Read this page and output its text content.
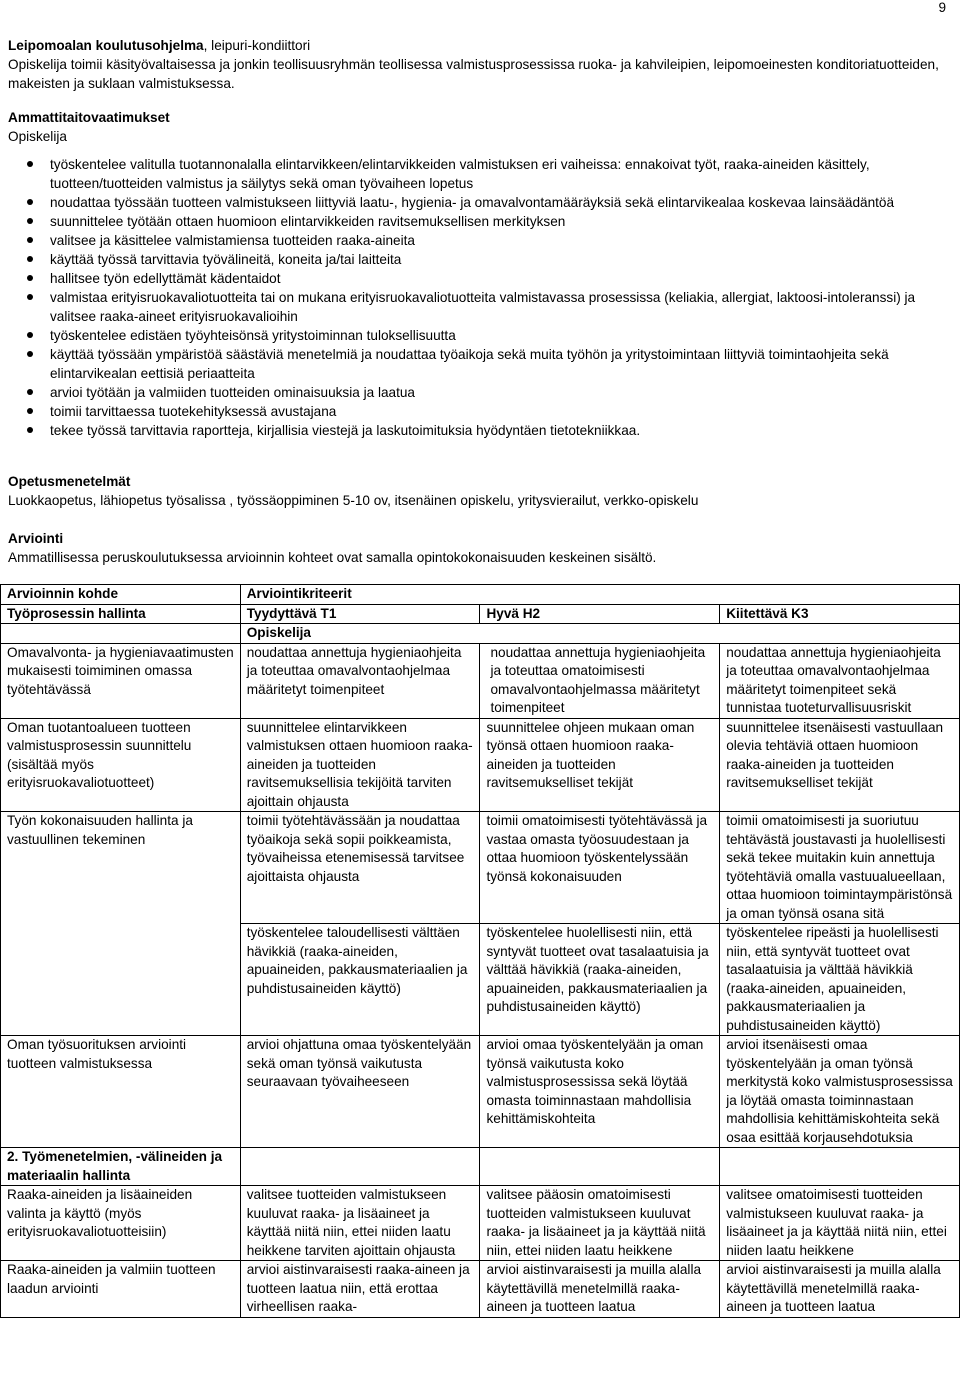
9
Leipomoalan koulutusohjelma, leipuri-kondiittori
Opiskelija toimii käsityövaltaisessa ja jonkin teollisuusryhmän teollisessa valmistusprosessissa ruoka- ja kahvileipien, leipomoeinesten konditoriatuotteiden, makeisten ja suklaan valmistuksessa.
Ammattitaitovaatimukset
Opiskelija
työskentelee valitulla tuotannonalalla elintarvikkeen/elintarvikkeiden valmistuksen eri vaiheissa: ennakoivat työt, raaka-aineiden käsittely, tuotteen/tuotteiden valmistus ja säilytys sekä oman työvaiheen lopetus
noudattaa työssään tuotteen valmistukseen liittyviä laatu-, hygienia- ja omavalvontamääräyksiä sekä elintarvikealaa koskevaa lainsäädäntöä
suunnittelee työtään ottaen huomioon elintarvikkeiden ravitsemuksellisen merkityksen
valitsee ja käsittelee valmistamiensa tuotteiden raaka-aineita
käyttää työssä tarvittavia työvälineitä, koneita ja/tai laitteita
hallitsee työn edellyttämät kädentaidot
valmistaa erityisruokavaliotuotteita tai on mukana erityisruokavaliotuotteita valmistavassa prosessissa (keliakia, allergiat, laktoosi-intoleranssi) ja valitsee raaka-aineet erityisruokavalioihin
työskentelee edistäen työyhteisönsä yritystoiminnan tuloksellisuutta
käyttää työssään ympäristöä säästäviä menetelmiä ja noudattaa työaikoja sekä muita työhön ja yritystoimintaan liittyviä toimintaohjeita sekä elintarvikealan eettisiä periaatteita
arvioi työtään ja valmiiden tuotteiden ominaisuuksia ja laatua
toimii tarvittaessa tuotekehityksessä avustajana
tekee työssä tarvittavia raportteja, kirjallisia viestejä ja laskutoimituksia hyödyntäen tietotekniikkaa.
Opetusmenetelmät
Luokkaopetus, lähiopetus työsalissa , työssäoppiminen 5-10 ov, itsenäinen opiskelu, yritysvierailut, verkko-opiskelu
Arviointi
Ammatillisessa peruskoulutuksessa arvioinnin kohteet ovat samalla opintokokonaisuuden keskeinen sisältö.
Arvioinnin kohde	Arviointikriteerit		
Työprosessin hallinta	Tyydyttävä T1	Hyvä H2	Kiitettävä K3
	Opiskelija		
Omavalvonta- ja hygieniavaatimusten mukaisesti toimiminen omassa työtehtävässä	noudattaa annettuja hygieniaohjeita ja toteuttaa omavalvontaohjelmaa määritetyt toimenpiteet	noudattaa annettuja hygieniaohjeita ja toteuttaa omatoimisesti omavalvontaohjelmassa määritetyt toimenpiteet	noudattaa annettuja hygieniaohjeita ja toteuttaa omavalvontaohjelmaa määritetyt toimenpiteet sekä tunnistaa tuoteturvallisuusriskit
Oman tuotantoalueen tuotteen valmistusprosessin suunnittelu (sisältää myös erityisruokavaliotuotteet)	suunnittelee elintarvikkeen valmistuksen ottaen huomioon raaka-aineiden ja tuotteiden ravitsemuksellisia tekijöitä tarviten ajoittain ohjausta	suunnittelee ohjeen mukaan oman työnsä ottaen huomioon raaka-aineiden ja tuotteiden ravitsemukselliset tekijät	suunnittelee itsenäisesti vastuullaan olevia tehtäviä ottaen huomioon raaka-aineiden ja tuotteiden ravitsemukselliset tekijät
Työn kokonaisuuden hallinta ja vastuullinen tekeminen	toimii työtehtävässään ja noudattaa työaikoja sekä sopii poikkeamista, työvaiheissa etenemisessä tarvitsee ajoittaista ohjausta	toimii omatoimisesti työtehtävässä ja vastaa omasta työosuudestaan ja ottaa huomioon työskentelyssään työnsä kokonaisuuden	toimii omatoimisesti ja suoriutuu tehtävästä joustavasti ja huolellisesti sekä tekee muitakin kuin annettuja työtehtäviä omalla vastuualueellaan, ottaa huomioon toimintaympäristönsä ja oman työnsä osana sitä
	työskentelee taloudellisesti välttäen hävikkiä (raaka-aineiden, apuaineiden, pakkausmateriaalien ja puhdistusaineiden käyttö)	työskentelee huolellisesti niin, että syntyvät tuotteet ovat tasalaatuisia ja välttää hävikkiä (raaka-aineiden, apuaineiden, pakkausmateriaalien ja puhdistusaineiden käyttö)	työskentelee ripeästi ja huolellisesti niin, että syntyvät tuotteet ovat tasalaatuisia ja välttää hävikkiä (raaka-aineiden, apuaineiden, pakkausmateriaalien ja puhdistusaineiden käyttö)
Oman työsuorituksen arviointi tuotteen valmistuksessa	arvioi ohjattuna omaa työskentelyään sekä oman työnsä vaikutusta seuraavaan työvaiheeseen	arvioi omaa työskentelyään ja oman työnsä vaikutusta koko valmistusprosessissa sekä löytää omasta toiminnastaan mahdollisia kehittämiskohteita	arvioi itsenäisesti omaa työskentelyään ja oman työnsä merkitystä koko valmistusprosessissa ja löytää omasta toiminnastaan mahdollisia kehittämiskohteita sekä osaa esittää korjausehdotuksia
2. Työmenetelmien, -välineiden ja materiaalin hallinta			
Raaka-aineiden ja lisäaineiden valinta ja käyttö (myös erityisruokavaliotuotteisiin)	valitsee tuotteiden valmistukseen kuuluvat raaka- ja lisäaineet ja käyttää niitä niin, ettei niiden laatu heikkene tarviten ajoittain ohjausta	valitsee pääosin omatoimisesti tuotteiden valmistukseen kuuluvat raaka- ja lisäaineet ja ja käyttää niitä niin, ettei niiden laatu heikkene	valitsee omatoimisesti tuotteiden valmistukseen kuuluvat raaka- ja lisäaineet ja ja käyttää niitä niin, ettei niiden laatu heikkene
Raaka-aineiden ja valmiin tuotteen laadun arviointi	arvioi aistinvaraisesti raaka-aineen ja tuotteen laatua niin, että erottaa virheellisen raaka-	arvioi aistinvaraisesti ja muilla alalla käytettävillä menetelmillä raaka-aineen ja tuotteen laatua	arvioi aistinvaraisesti ja muilla alalla käytettävillä menetelmillä raaka-aineen ja tuotteen laatua
